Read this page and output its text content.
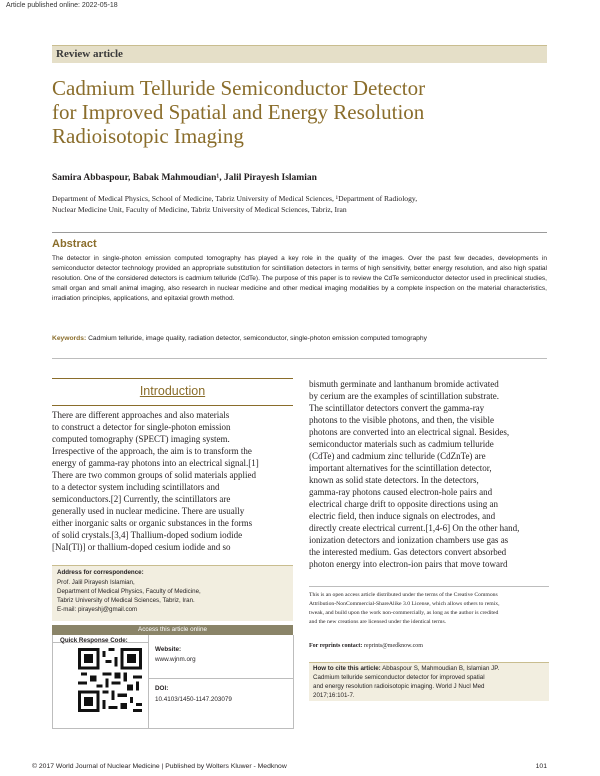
Article published online: 2022-05-18
Review article
Cadmium Telluride Semiconductor Detector
for Improved Spatial and Energy Resolution
Radioisotopic Imaging
Samira Abbaspour, Babak Mahmoudian¹, Jalil Pirayesh Islamian
Department of Medical Physics, School of Medicine, Tabriz University of Medical Sciences, ¹Department of Radiology,
Nuclear Medicine Unit, Faculty of Medicine, Tabriz University of Medical Sciences, Tabriz, Iran
Abstract
The detector in single-photon emission computed tomography has played a key role in the quality of the images. Over the past few decades, developments in semiconductor detector technology provided an appropriate substitution for scintillation detectors in terms of high sensitivity, better energy resolution, and also high spatial resolution. One of the considered detectors is cadmium telluride (CdTe). The purpose of this paper is to review the CdTe semiconductor detector used in preclinical studies, small organ and small animal imaging, also research in nuclear medicine and other medical imaging modalities by a complete inspection on the material characteristics, irradiation principles, applications, and epitaxial growth method.
Keywords: Cadmium telluride, image quality, radiation detector, semiconductor, single-photon emission computed tomography
Introduction
There are different approaches and also materials
to construct a detector for single-photon emission
computed tomography (SPECT) imaging system.
Irrespective of the approach, the aim is to transform the
energy of gamma-ray photons into an electrical signal.[1]
There are two common groups of solid materials applied
to a detector system including scintillators and
semiconductors.[2] Currently, the scintillators are
generally used in nuclear medicine. There are usually
either inorganic salts or organic substances in the forms
of solid crystals.[3,4] Thallium-doped sodium iodide
[NaI(Tl)] or thallium-doped cesium iodide and so
bismuth germinate and lanthanum bromide activated
by cerium are the examples of scintillation substrate.
The scintillator detectors convert the gamma-ray
photons to the visible photons, and then, the visible
photons are converted into an electrical signal. Besides,
semiconductor materials such as cadmium telluride
(CdTe) and cadmium zinc telluride (CdZnTe) are
important alternatives for the scintillation detector,
known as solid state detectors. In the detectors,
gamma-ray photons caused electron-hole pairs and
electrical charge drift to opposite directions using an
electric field, then induce signals on electrodes, and
directly create electrical current.[1,4-6] On the other hand,
ionization detectors and ionization chambers use gas as
the interested medium. Gas detectors convert absorbed
photon energy into electron-ion pairs that move toward
Address for correspondence:
Prof. Jalil Pirayesh Islamian,
Department of Medical Physics, Faculty of Medicine,
Tabriz University of Medical Sciences, Tabriz, Iran.
E-mail: pirayeshj@gmail.com
Access this article online
Quick Response Code:
Website:
www.wjnm.org
DOI:
10.4103/1450-1147.203079
This is an open access article distributed under the terms of the Creative Commons
Attribution-NonCommercial-ShareAlike 3.0 License, which allows others to remix,
tweak, and build upon the work non-commercially, as long as the author is credited
and the new creations are licensed under the identical terms.
For reprints contact: reprints@medknow.com
How to cite this article: Abbaspour S, Mahmoudian B, Islamian JP.
Cadmium telluride semiconductor detector for improved spatial
and energy resolution radioisotopic imaging. World J Nucl Med
2017;16:101-7.
© 2017 World Journal of Nuclear Medicine | Published by Wolters Kluwer - Medknow	101
